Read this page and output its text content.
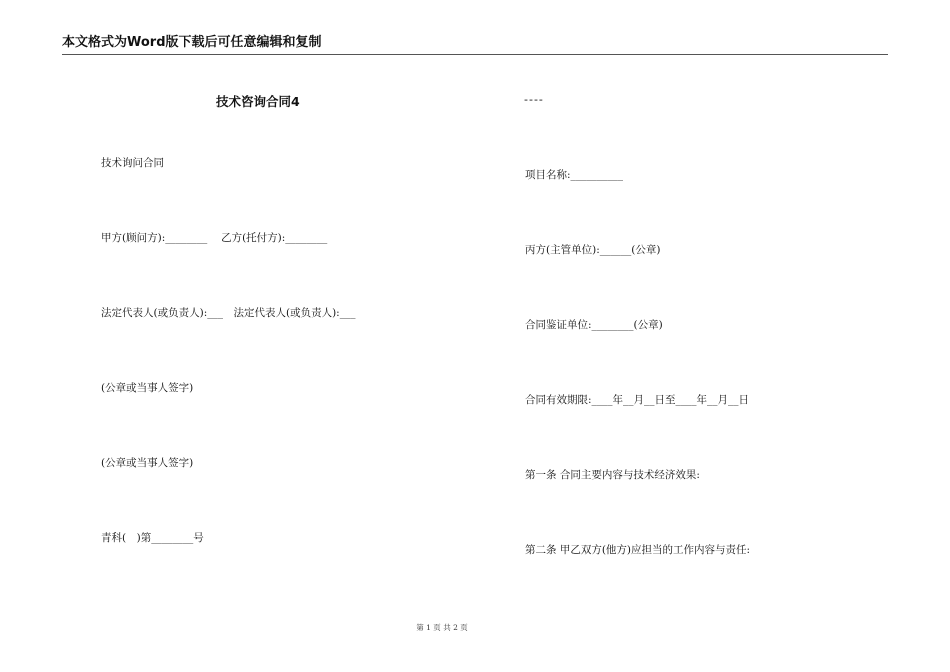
本文格式为Word版下载后可任意编辑和复制
技术咨询合同4	----
技术询问合同
甲方(顾问方):________　 乙方(托付方):________
法定代表人(或负责人):___　法定代表人(或负责人):___
(公章或当事人签字)
(公章或当事人签字)
青科(　)第________号
项目名称:__________
丙方(主管单位):______(公章)
合同鉴证单位:________(公章)
合同有效期限:____年__月__日至____年__月__日
第一条 合同主要内容与技术经济效果:
第二条 甲乙双方(他方)应担当的工作内容与责任:
第 1 页 共 2 页
